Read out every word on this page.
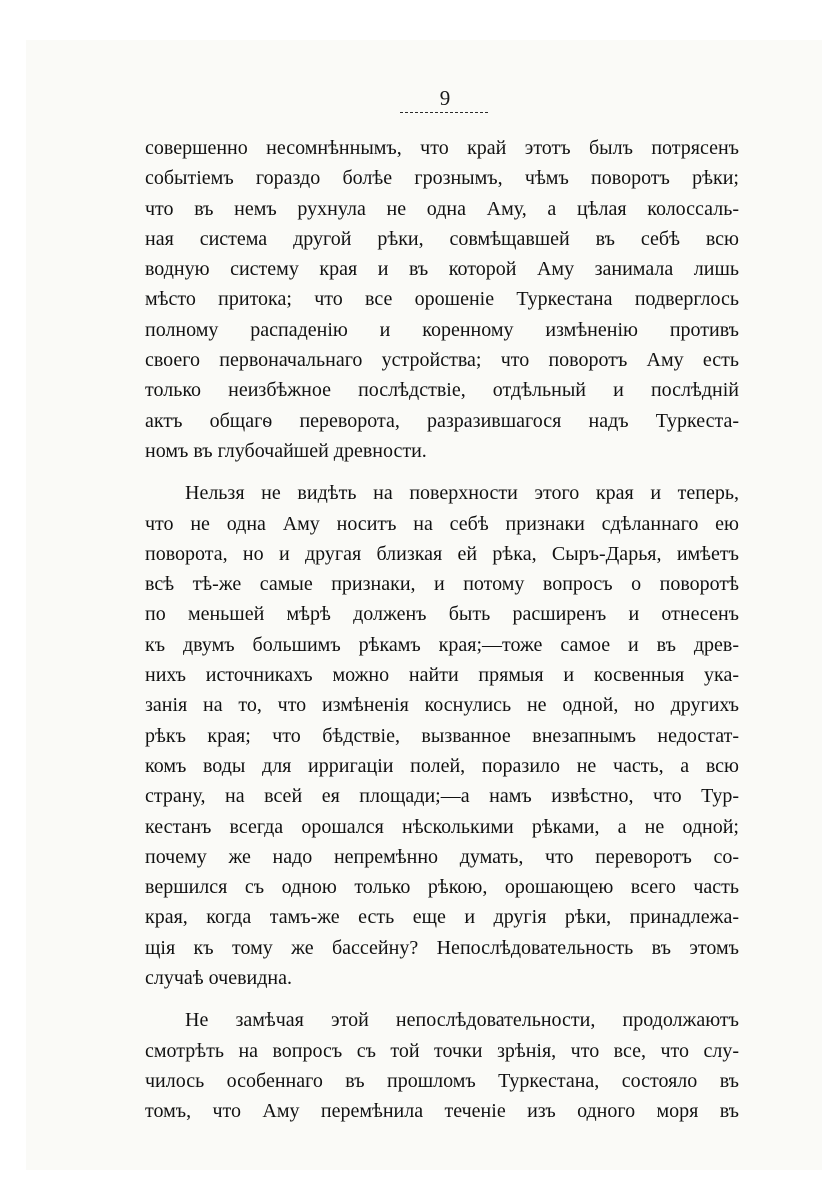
9
совершенно несомнѣннымъ, что край этотъ былъ потрясенъ
событіемъ гораздо болѣе грознымъ, чѣмъ поворотъ рѣки;
что въ немъ рухнула не одна Аму, а цѣлая колоссаль-
ная система другой рѣки, совмѣщавшей въ себѣ всю
водную систему края и въ которой Аму занимала лишь
мѣсто притока; что все орошеніе Туркестана подверглось
полному распаденію и коренному измѣненію противъ
своего первоначальнаго устройства; что поворотъ Аму есть
только неизбѣжное послѣдствіе, отдѣльный и послѣдній
актъ общагѳ переворота, разразившагося надъ Туркеста-
номъ въ глубочайшей древности.
Нельзя не видѣть на поверхности этого края и теперь,
что не одна Аму носитъ на себѣ признаки сдѣланнаго ею
поворота, но и другая близкая ей рѣка, Сыръ-Дарья, имѣетъ
всѣ тѣ-же самые признаки, и потому вопросъ о поворотѣ
по меньшей мѣрѣ долженъ быть расширенъ и отнесенъ
къ двумъ большимъ рѣкамъ края;—тоже самое и въ древ-
нихъ источникахъ можно найти прямыя и косвенныя ука-
занія на то, что измѣненія коснулись не одной, но другихъ
рѣкъ края; что бѣдствіе, вызванное внезапнымъ недостат-
комъ воды для ирригаціи полей, поразило не часть, а всю
страну, на всей ея площади;—а намъ извѣстно, что Тур-
кестанъ всегда орошался нѣсколькими рѣками, а не одной;
почему же надо непремѣнно думать, что переворотъ со-
вершился съ одною только рѣкою, орошающею всего часть
края, когда тамъ-же есть еще и другія рѣки, принадлежа-
щія къ тому же бассейну? Непослѣдовательность въ этомъ
случаѣ очевидна.
Не замѣчая этой непослѣдовательности, продолжаютъ
смотрѣть на вопросъ съ той точки зрѣнія, что все, что слу-
чилось особеннаго въ прошломъ Туркестана, состояло въ
томъ, что Аму перемѣнила теченіе изъ одного моря въ
